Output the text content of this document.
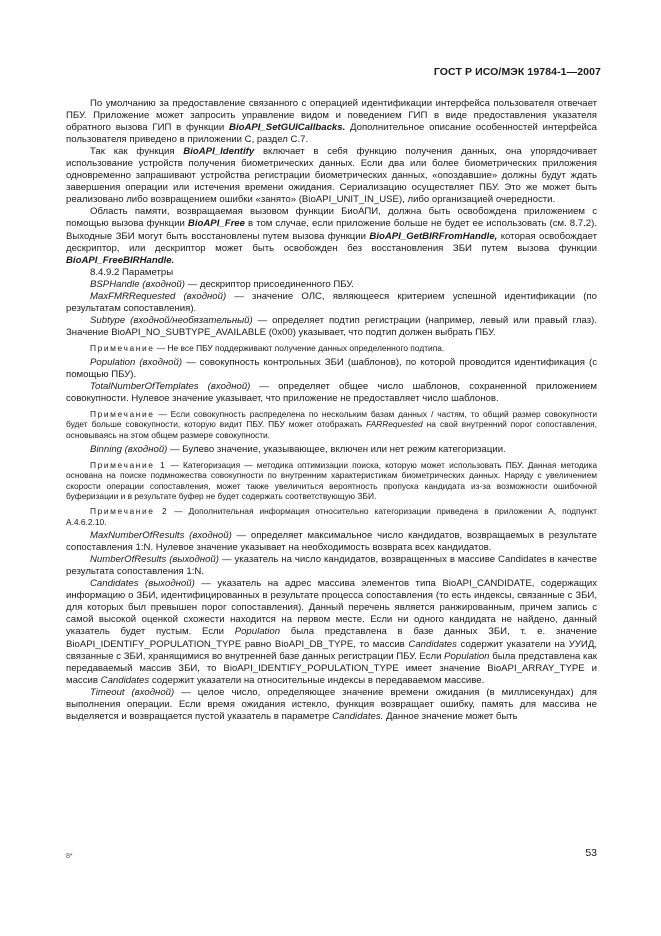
ГОСТ Р ИСО/МЭК 19784-1—2007

По умолчанию за предоставление связанного с операцией идентификации интерфейса пользователя отвечает ПБУ. Приложение может запросить управление видом и поведением ГИП в виде предоставления указателя обратного вызова ГИП в функции BioAPI_SetGUICallbacks. Дополнительное описание особенностей интерфейса пользователя приведено в приложении С, раздел С.7.

Так как функция BioAPI_Identify включает в себя функцию получения данных, она упорядочивает использование устройств получения биометрических данных. Если два или более биометрических приложения одновременно запрашивают устройства регистрации биометрических данных, «опоздавшие» должны будут ждать завершения операции или истечения времени ожидания. Сериализацию осуществляет ПБУ. Это же может быть реализовано либо возвращением ошибки «занято» (BioAPI_UNIT_IN_USE), либо организацией очередности.

Область памяти, возвращаемая вызовом функции БиоАПИ, должна быть освобождена приложением с помощью вызова функции BioAPI_Free в том случае, если приложение больше не будет ее использовать (см. 8.7.2). Выходные ЗБИ могут быть восстановлены путем вызова функции BioAPI_GetBIRFromHandle, которая освобождает дескриптор, или дескриптор может быть освобожден без восстановления ЗБИ путем вызова функции BioAPI_FreeBIRHandle.

8.4.9.2 Параметры

BSPHandle (входной) — дескриптор присоединенного ПБУ.

MaxFMRRequested (входной) — значение ОЛС, являющееся критерием успешной идентификации (по результатам сопоставления).

Subtype (входной/необязательный) — определяет подтип регистрации (например, левый или правый глаз). Значение BioAPI_NO_SUBTYPE_AVAILABLE (0x00) указывает, что подтип должен выбрать ПБУ.

Примечание — Не все ПБУ поддерживают получение данных определенного подтипа.

Population (входной) — совокупность контрольных ЗБИ (шаблонов), по которой проводится идентификация (с помощью ПБУ).

TotalNumberOfTemplates (входной) — определяет общее число шаблонов, сохраненной приложением совокупности. Нулевое значение указывает, что приложение не предоставляет число шаблонов.

Примечание — Если совокупность распределена по нескольким базам данных / частям, то общий размер совокупности будет больше совокупности, которую видит ПБУ. ПБУ может отображать FARRequested на свой внутренний порог сопоставления, основываясь на этом общем размере совокупности.

Binning (входной) — Булево значение, указывающее, включен или нет режим категоризации.

Примечание 1 — Категоризация — методика оптимизации поиска, которую может использовать ПБУ. Данная методика основана на поиске подмножества совокупности по внутренним характеристикам биометрических данных. Наряду с увеличением скорости операции сопоставления, может также увеличиться вероятность пропуска кандидата из-за возможности ошибочной буферизации и в результате буфер не будет содержать соответствующую ЗБИ.

Примечание 2 — Дополнительная информация относительно категоризации приведена в приложении А, подпункт А.4.6.2.10.

MaxNumberOfResults (входной) — определяет максимальное число кандидатов, возвращаемых в результате сопоставления 1:N. Нулевое значение указывает на необходимость возврата всех кандидатов.

NumberOfResults (выходной) — указатель на число кандидатов, возвращенных в массиве Candidates в качестве результата сопоставления 1:N.

Candidates (выходной) — указатель на адрес массива элементов типа BioAPI_CANDIDATE, содержащих информацию о ЗБИ, идентифицированных в результате процесса сопоставления (то есть индексы, связанные с ЗБИ, для которых был превышен порог сопоставления). Данный перечень является ранжированным, причем запись с самой высокой оценкой схожести находится на первом месте. Если ни одного кандидата не найдено, данный указатель будет пустым. Если Population была представлена в базе данных ЗБИ, т. е. значение BioAPI_IDENTIFY_POPULATION_TYPE равно BioAPI_DB_TYPE, то массив Candidates содержит указатели на УУИД, связанные с ЗБИ, хранящимися во внутренней базе данных регистрации ПБУ. Если Population была представлена как передаваемый массив ЗБИ, то BioAPI_IDENTIFY_POPULATION_TYPE имеет значение BioAPI_ARRAY_TYPE и массив Candidates содержит указатели на относительные индексы в передаваемом массиве.

Timeout (входной) — целое число, определяющее значение времени ожидания (в миллисекундах) для выполнения операции. Если время ожидания истекло, функция возвращает ошибку, память для массива не выделяется и возвращается пустой указатель в параметре Candidates. Данное значение может быть

8*	53
